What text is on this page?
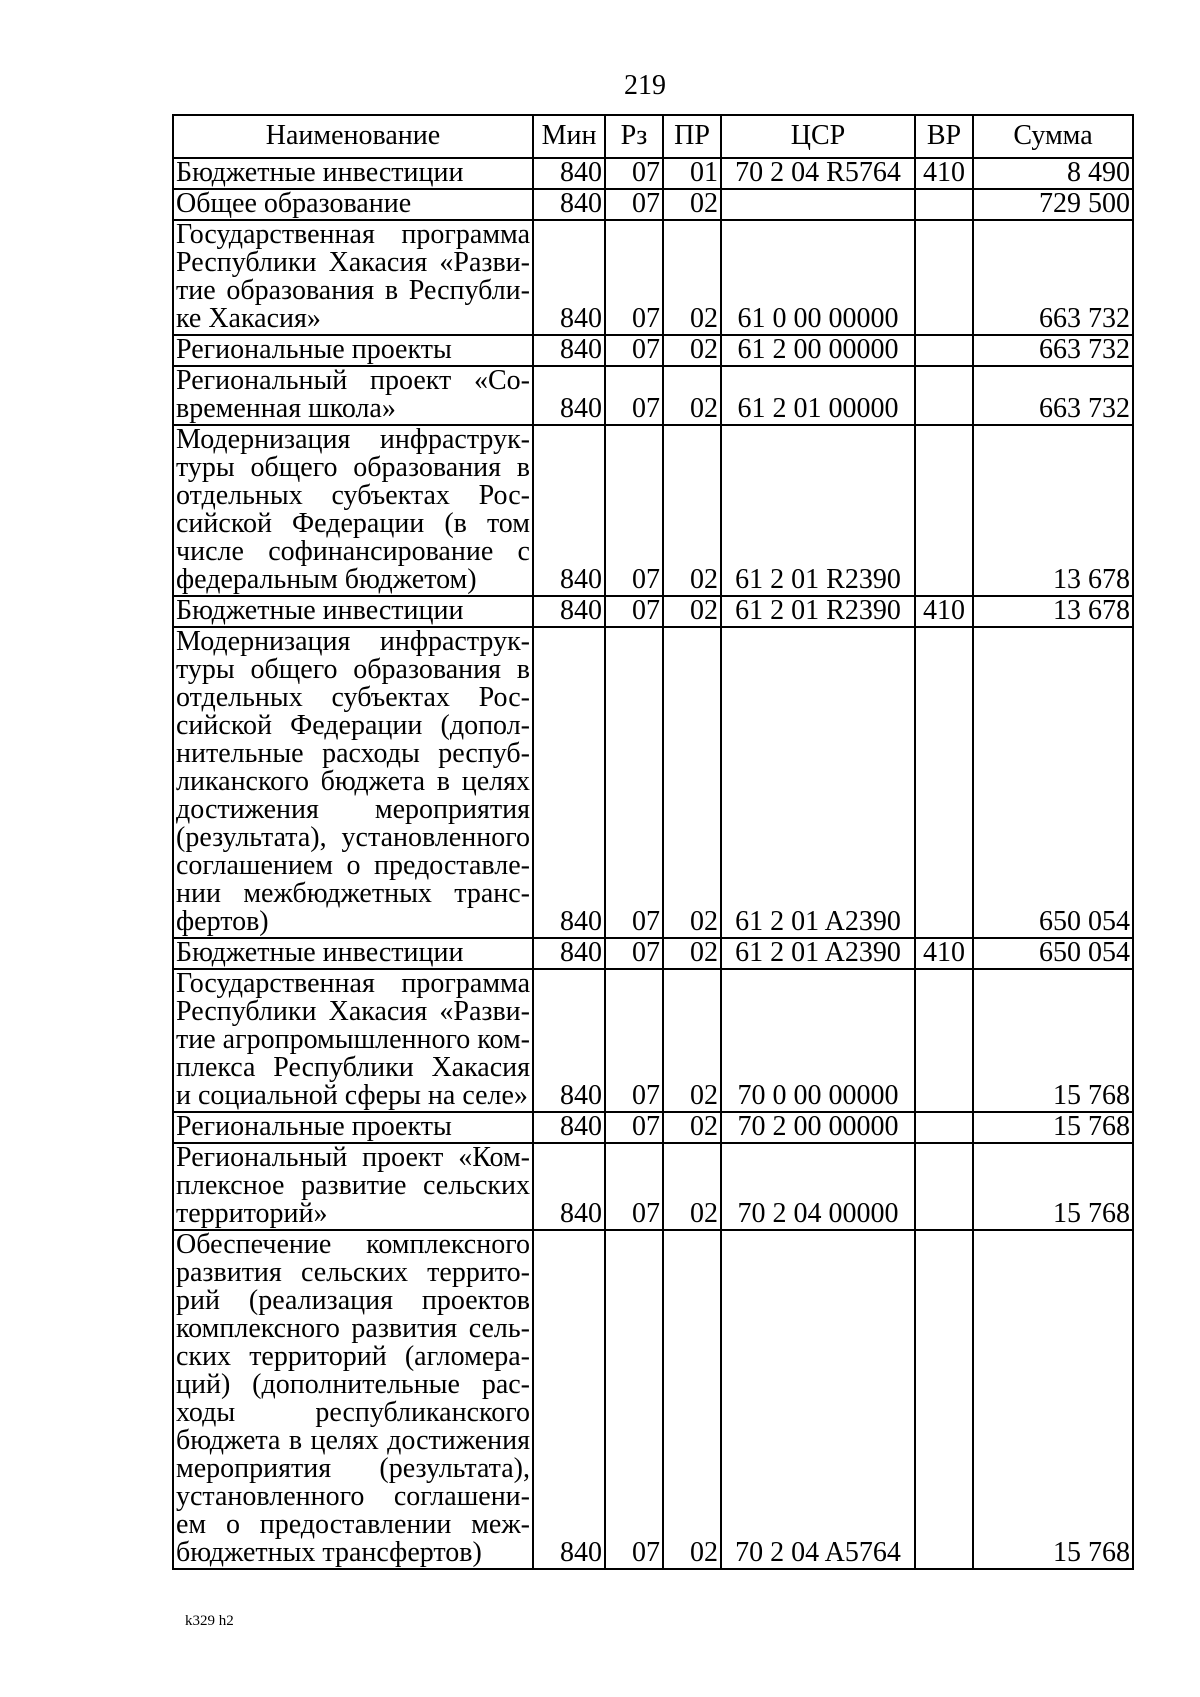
219
Наименование	Мин	Рз	ПР	ЦСР	ВР	Сумма
Бюджетные инвестиции	840	07	01	70 2 04 R5764	410	8 490
Общее образование	840	07	02			729 500
Государственная программа Республики Хакасия «Разви-тие образования в Республи-ке Хакасия»	840	07	02	61 0 00 00000		663 732
Региональные проекты	840	07	02	61 2 00 00000		663 732
Региональный проект «Со-временная школа»	840	07	02	61 2 01 00000		663 732
Модернизация инфраструк-туры общего образования в отдельных субъектах Рос-сийской Федерации (в том числе софинансирование с федеральным бюджетом)	840	07	02	61 2 01 R2390		13 678
Бюджетные инвестиции	840	07	02	61 2 01 R2390	410	13 678
Модернизация инфраструк-туры общего образования в отдельных субъектах Рос-сийской Федерации (допол-нительные расходы респуб-ликанского бюджета в целях достижения мероприятия (результата), установленного соглашением о предоставле-нии межбюджетных транс-фертов)	840	07	02	61 2 01 A2390		650 054
Бюджетные инвестиции	840	07	02	61 2 01 A2390	410	650 054
Государственная программа Республики Хакасия «Разви-тие агропромышленного ком-плекса Республики Хакасия и социальной сферы на селе»	840	07	02	70 0 00 00000		15 768
Региональные проекты	840	07	02	70 2 00 00000		15 768
Региональный проект «Ком-плексное развитие сельских территорий»	840	07	02	70 2 04 00000		15 768
Обеспечение комплексного развития сельских террито-рий (реализация проектов комплексного развития сель-ских территорий (агломера-ций) (дополнительные рас-ходы республиканского бюджета в целях достижения мероприятия (результата), установленного соглашени-ем о предоставлении меж-бюджетных трансфертов)	840	07	02	70 2 04 A5764		15 768
k329 h2
